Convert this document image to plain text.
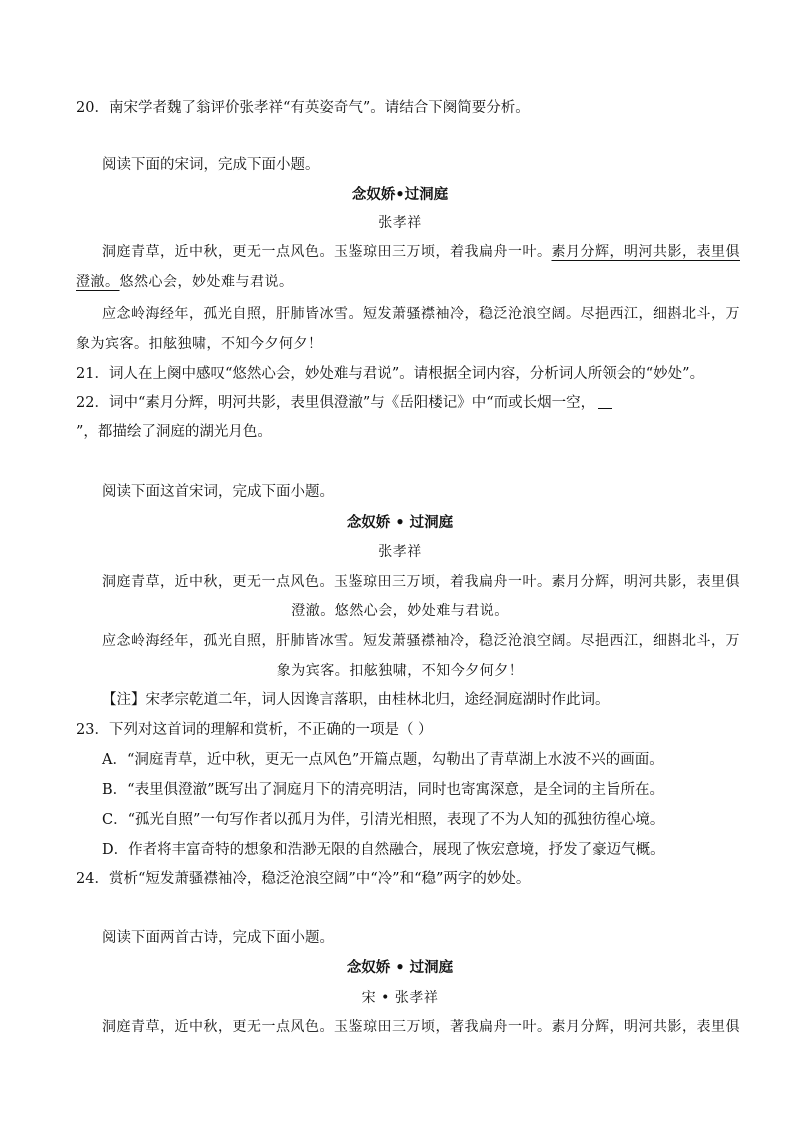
20．南宋学者魏了翁评价张孝祥“有英姿奇气”。请结合下阕简要分析。
阅读下面的宋词，完成下面小题。
念奴娇•过洞庭
张孝祥
洞庭青草，近中秋，更无一点风色。玉鉴琼田三万顷，着我扁舟一叶。素月分辉，明河共影，表里俱
澄澈。悠然心会，妙处难与君说。
应念岭海经年，孤光自照，肝肺皆冰雪。短发萧骚襟袖冷，稳泛沧浪空阔。尽挹西江，细斟北斗，万
象为宾客。扣舷独啸，不知今夕何夕！
21．词人在上阕中感叹“悠然心会，妙处难与君说”。请根据全词内容，分析词人所领会的“妙处”。
22．词中“素月分辉，明河共影，表里俱澄澈”与《岳阳楼记》中“而或长烟一空，
”，都描绘了洞庭的湖光月色。
阅读下面这首宋词，完成下面小题。
念奴娇 • 过洞庭
张孝祥
洞庭青草，近中秋，更无一点风色。玉鉴琼田三万顷，着我扁舟一叶。素月分辉，明河共影，表里俱
澄澈。悠然心会，妙处难与君说。
应念岭海经年，孤光自照，肝肺皆冰雪。短发萧骚襟袖冷，稳泛沧浪空阔。尽挹西江，细斟北斗，万
象为宾客。扣舷独啸，不知今夕何夕！
【注】宋孝宗乾道二年，词人因谗言落职，由桂林北归，途经洞庭湖时作此词。
23．下列对这首词的理解和赏析，不正确的一项是（ ）
A．“洞庭青草，近中秋，更无一点风色”开篇点题，勾勒出了青草湖上水波不兴的画面。
B．“表里俱澄澈”既写出了洞庭月下的清亮明洁，同时也寄寓深意，是全词的主旨所在。
C．“孤光自照”一句写作者以孤月为伴，引清光相照，表现了不为人知的孤独彷徨心境。
D．作者将丰富奇特的想象和浩渺无限的自然融合，展现了恢宏意境，抒发了豪迈气概。
24．赏析“短发萧骚襟袖冷，稳泛沧浪空阔”中“冷”和“稳”两字的妙处。
阅读下面两首古诗，完成下面小题。
念奴娇 • 过洞庭
宋 • 张孝祥
洞庭青草，近中秋，更无一点风色。玉鉴琼田三万顷，著我扁舟一叶。素月分辉，明河共影，表里俱
